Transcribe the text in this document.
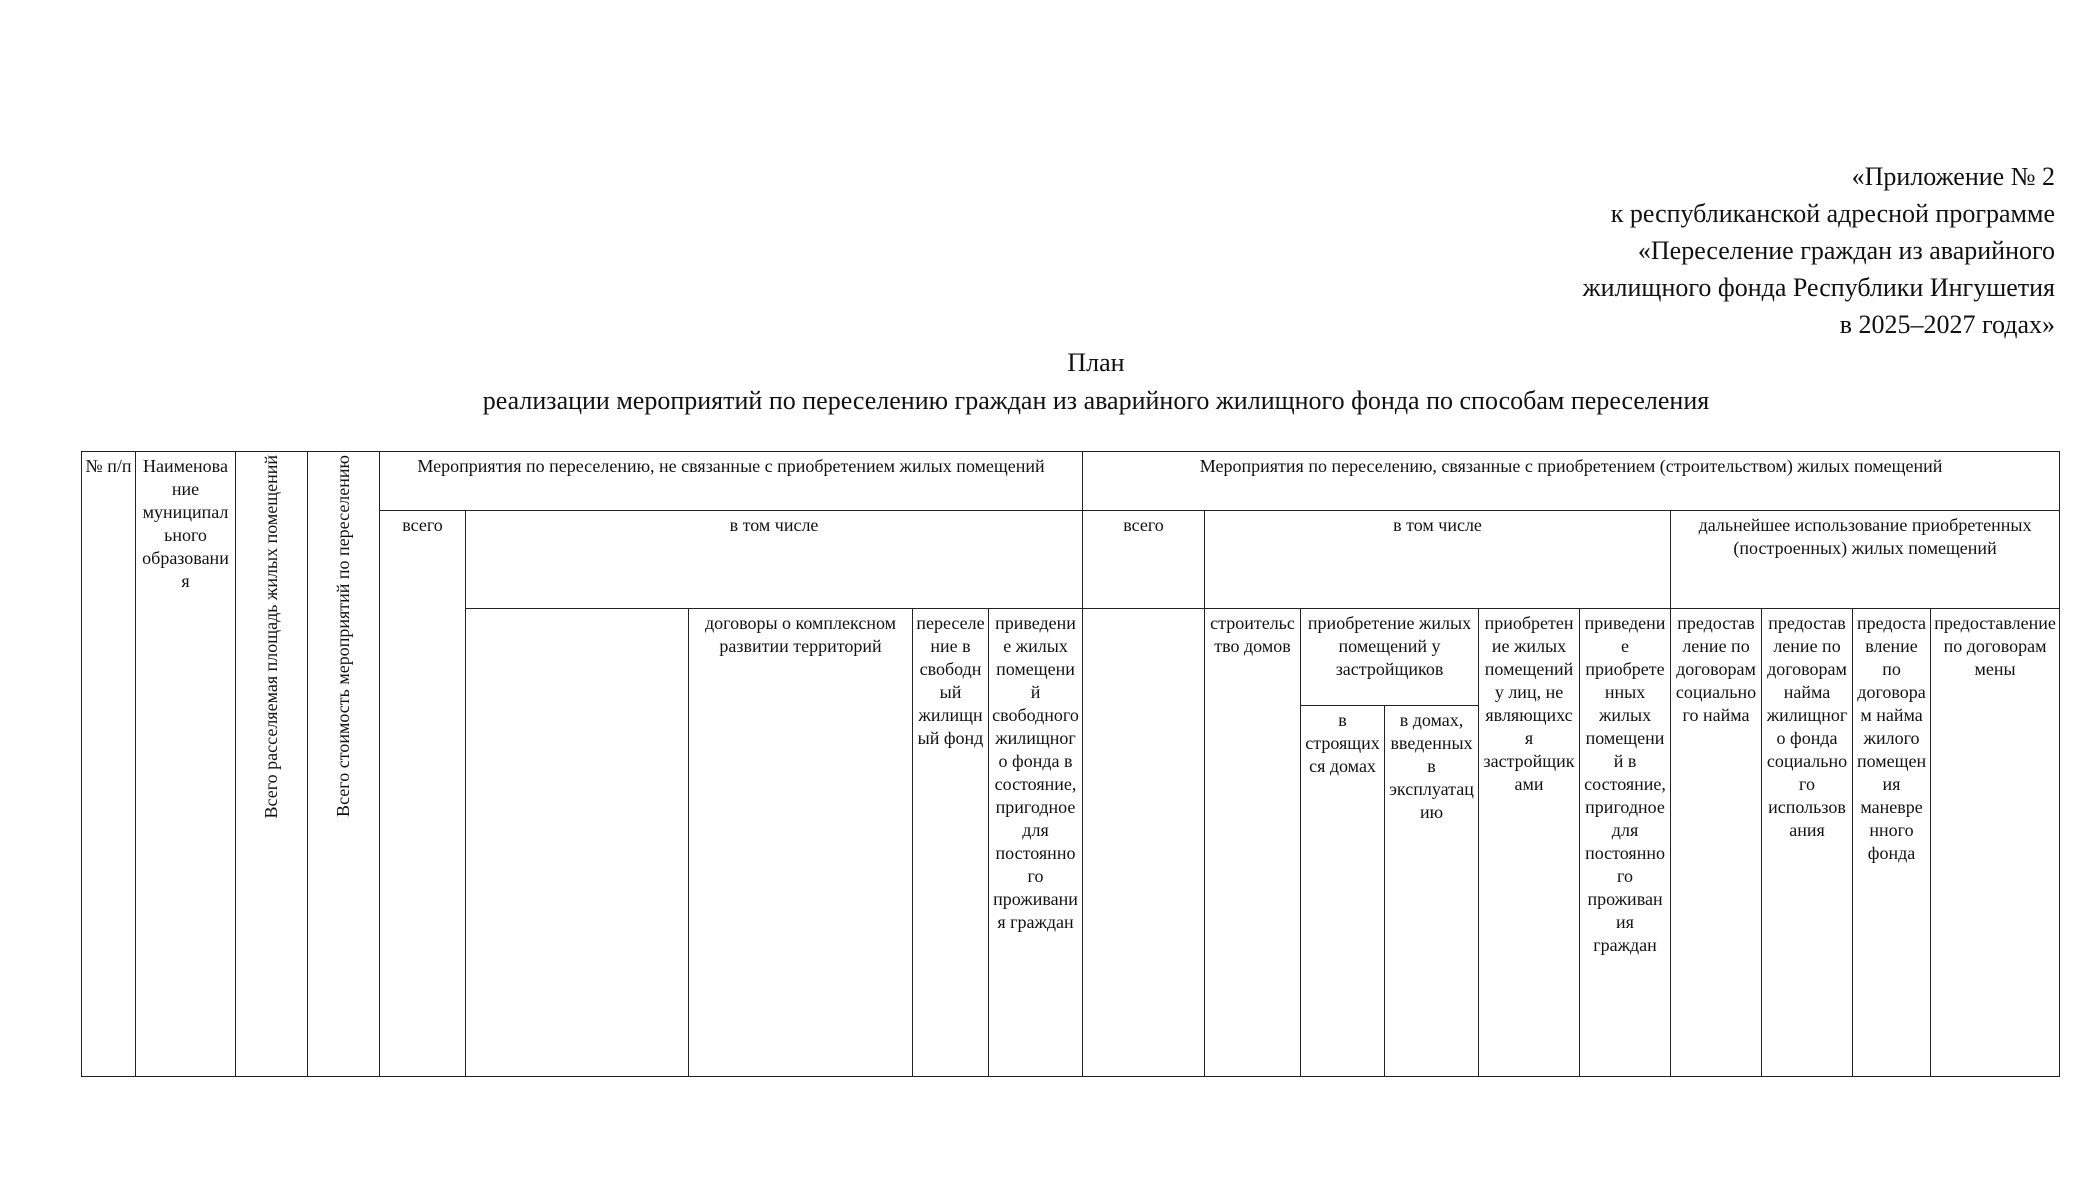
«Приложение № 2
к республиканской адресной программе
«Переселение граждан из аварийного
жилищного фонда Республики Ингушетия
в 2025–2027 годах»
План
реализации мероприятий по переселению граждан из аварийного жилищного фонда по способам переселения
№ п/п	Наименование муниципального образования	Всего расселяемая площадь жилых помещений	Всего стоимость мероприятий по переселению	Мероприятия по переселению, не связанные с приобретением жилых помещений					Мероприятия по переселению, связанные с приобретением (строительством) жилых помещений									
				всего	в том числе				всего	в том числе					дальнейшее использование приобретенных (построенных) жилых помещений			
						договоры о комплексном развитии территорий	переселение в свободный жилищный фонд	приведение жилых помещений свободного жилищного фонда в состояние, пригодное для постоянного проживания граждан		строительство домов	приобретение жилых помещений у застройщиков		приобретение жилых помещений у лиц, не являющихся застройщиками	приведение приобретенных жилых помещений в состояние, пригодное для постоянного проживания граждан	предоставление по договорам социального найма	предоставление по договорам найма жилищного фонда социального использования	предоставление по договорам найма жилого помещения маневренного фонда	предоставление по договорам мены
											в строящихся домах	в домах, введенных в эксплуатацию						
